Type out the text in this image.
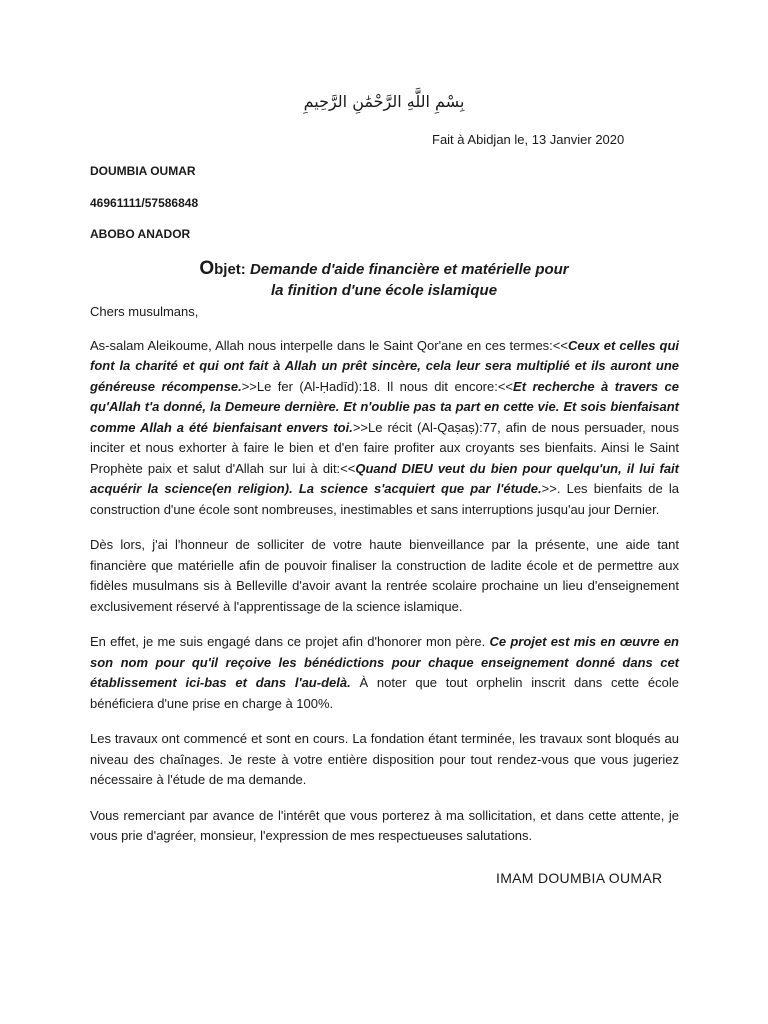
بِسْمِ اللَّهِ الرَّحْمَٰنِ الرَّحِيمِ
Fait à Abidjan le, 13 Janvier 2020
DOUMBIA OUMAR
46961111/57586848
ABOBO ANADOR
Objet: Demande d'aide financière et matérielle pour
la finition d'une école islamique

Chers musulmans,

As-salam Aleikoume, Allah nous interpelle dans le Saint Qor'ane en ces termes:<<Ceux et celles qui font la charité et qui ont fait à Allah un prêt sincère, cela leur sera multiplié et ils auront une généreuse récompense.>>Le fer (Al-Ḥadīd):18. Il nous dit encore:<<Et recherche à travers ce qu'Allah t'a donné, la Demeure dernière. Et n'oublie pas ta part en cette vie. Et sois bienfaisant comme Allah a été bienfaisant envers toi.>>Le récit (Al-Qaṣaṣ):77, afin de nous persuader, nous inciter et nous exhorter à faire le bien et d'en faire profiter aux croyants ses bienfaits. Ainsi le Saint Prophète paix et salut d'Allah sur lui à dit:<<Quand DIEU veut du bien pour quelqu'un, il lui fait acquérir la science(en religion). La science s'acquiert que par l'étude.>>. Les bienfaits de la construction d'une école sont nombreuses, inestimables et sans interruptions jusqu'au jour Dernier.

Dès lors, j'ai l'honneur de solliciter de votre haute bienveillance par la présente, une aide tant financière que matérielle afin de pouvoir finaliser la construction de ladite école et de permettre aux fidèles musulmans sis à Belleville d'avoir avant la rentrée scolaire prochaine un lieu d'enseignement exclusivement réservé à l'apprentissage de la science islamique.

En effet, je me suis engagé dans ce projet afin d'honorer mon père. Ce projet est mis en œuvre en son nom pour qu'il reçoive les bénédictions pour chaque enseignement donné dans cet établissement ici-bas et dans l'au-delà. À noter que tout orphelin inscrit dans cette école bénéficiera d'une prise en charge à 100%.

Les travaux ont commencé et sont en cours. La fondation étant terminée, les travaux sont bloqués au niveau des chaînages. Je reste à votre entière disposition pour tout rendez-vous que vous jugeriez nécessaire à l'étude de ma demande.

Vous remerciant par avance de l'intérêt que vous porterez à ma sollicitation, et dans cette attente, je vous prie d'agréer, monsieur, l'expression de mes respectueuses salutations.

IMAM DOUMBIA OUMAR
